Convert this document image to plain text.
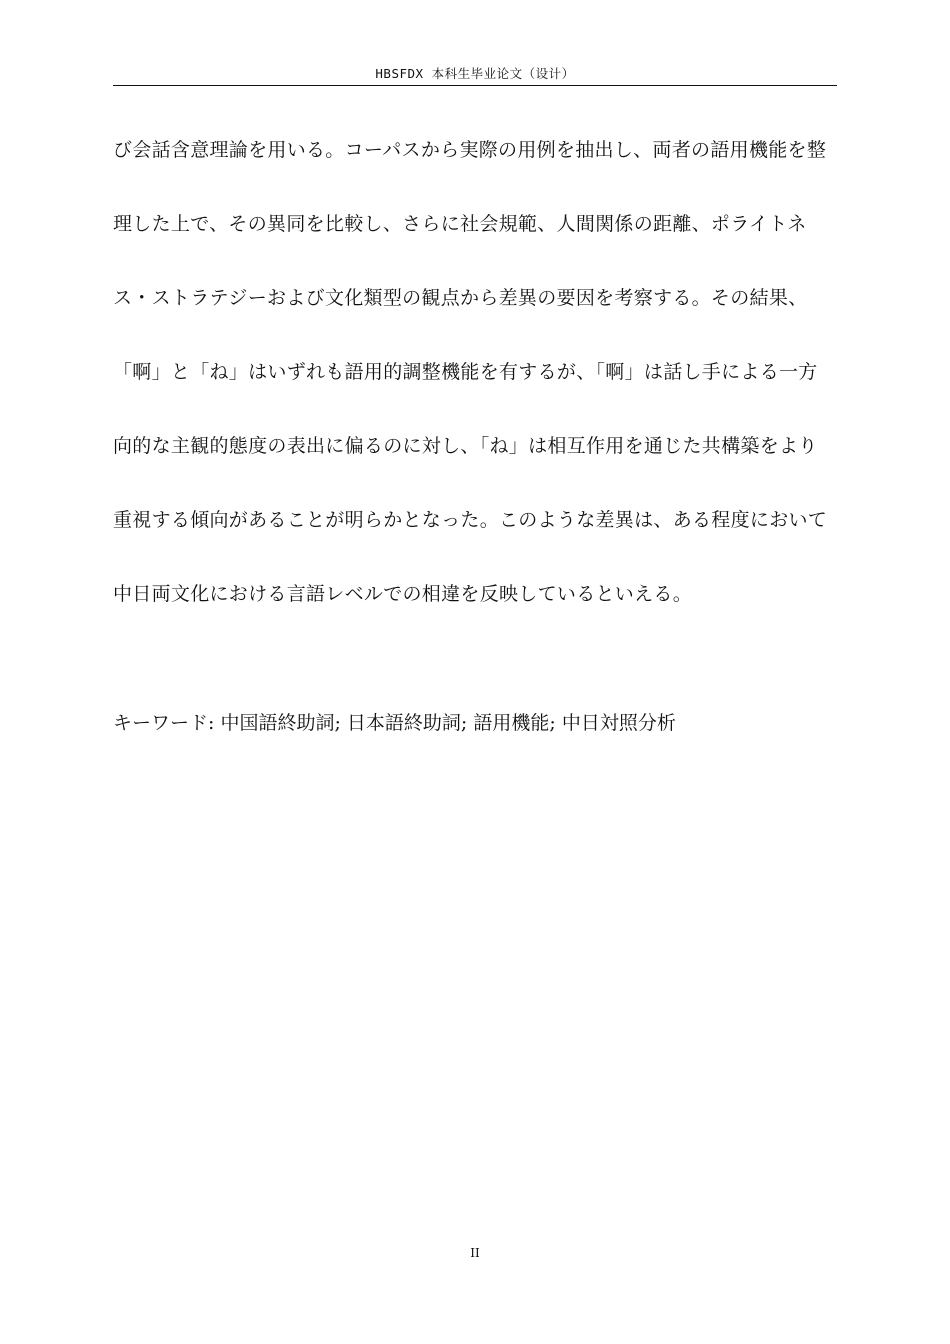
HBSFDX 本科生毕业论文（设计）
び会話含意理論を用いる。コーパスから実際の用例を抽出し、両者の語用機能を整
理した上で、その異同を比較し、さらに社会規範、人間関係の距離、ポライトネ
ス・ストラテジーおよび文化類型の観点から差異の要因を考察する。その結果、
「啊」と「ね」はいずれも語用的調整機能を有するが、「啊」は話し手による一方
向的な主観的態度の表出に偏るのに対し、「ね」は相互作用を通じた共構築をより
重視する傾向があることが明らかとなった。このような差異は、ある程度において
中日両文化における言語レベルでの相違を反映しているといえる。
キーワード: 中国語終助詞; 日本語終助詞; 語用機能; 中日対照分析
II
